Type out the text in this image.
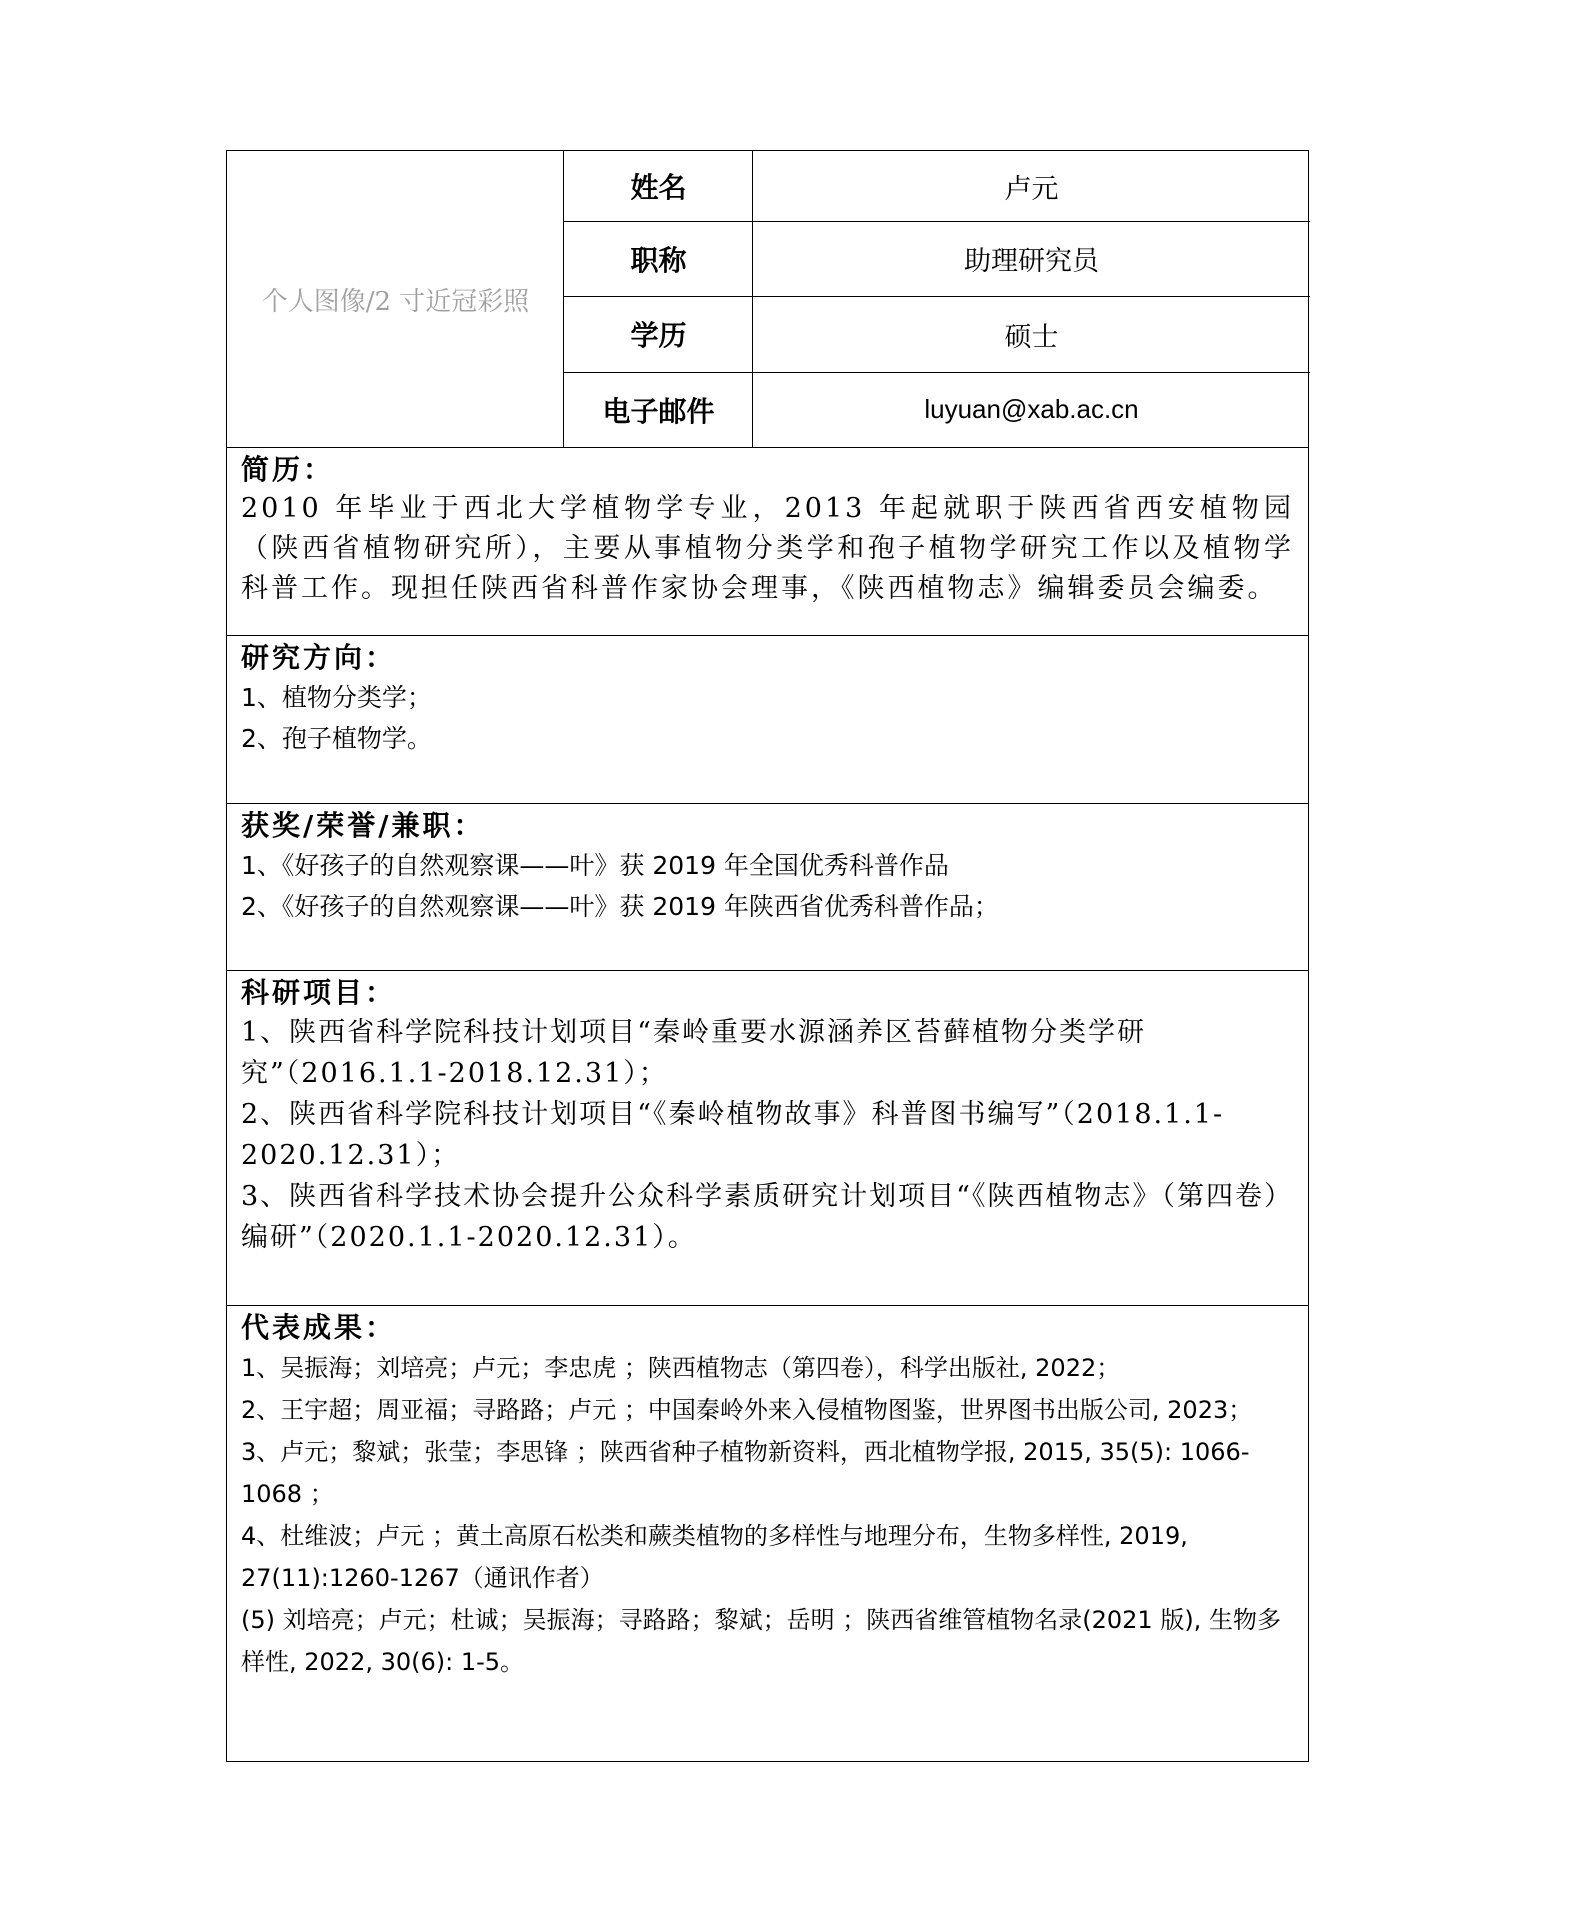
个人图像/2 寸近冠彩照
姓名	卢元
职称	助理研究员
学历	硕士
电子邮件	luyuan@xab.ac.cn
简历：
2010 年毕业于西北大学植物学专业，2013 年起就职于陕西省西安植物园（陕西省植物研究所），主要从事植物分类学和孢子植物学研究工作以及植物学科普工作。现担任陕西省科普作家协会理事，《陕西植物志》编辑委员会编委。
研究方向：
1、植物分类学；
2、孢子植物学。
获奖/荣誉/兼职：
1、《好孩子的自然观察课——叶》获 2019 年全国优秀科普作品
2、《好孩子的自然观察课——叶》获 2019 年陕西省优秀科普作品；
科研项目：
1、陕西省科学院科技计划项目“秦岭重要水源涵养区苔藓植物分类学研究”（2016.1.1-2018.12.31）；
2、陕西省科学院科技计划项目“《秦岭植物故事》科普图书编写”（2018.1.1-2020.12.31）；
3、陕西省科学技术协会提升公众科学素质研究计划项目“《陕西植物志》（第四卷）编研”（2020.1.1-2020.12.31）。
代表成果：
1、吴振海；刘培亮；卢元；李忠虎 ；陕西植物志（第四卷），科学出版社, 2022；
2、王宇超；周亚福；寻路路；卢元 ；中国秦岭外来入侵植物图鉴，世界图书出版公司, 2023；
3、卢元；黎斌；张莹；李思锋 ；陕西省种子植物新资料，西北植物学报, 2015, 35(5): 1066-1068 ；
4、杜维波；卢元 ；黄土高原石松类和蕨类植物的多样性与地理分布，生物多样性, 2019, 27(11):1260-1267（通讯作者）
(5) 刘培亮；卢元；杜诚；吴振海；寻路路；黎斌；岳明 ；陕西省维管植物名录(2021 版), 生物多样性, 2022, 30(6): 1-5。
